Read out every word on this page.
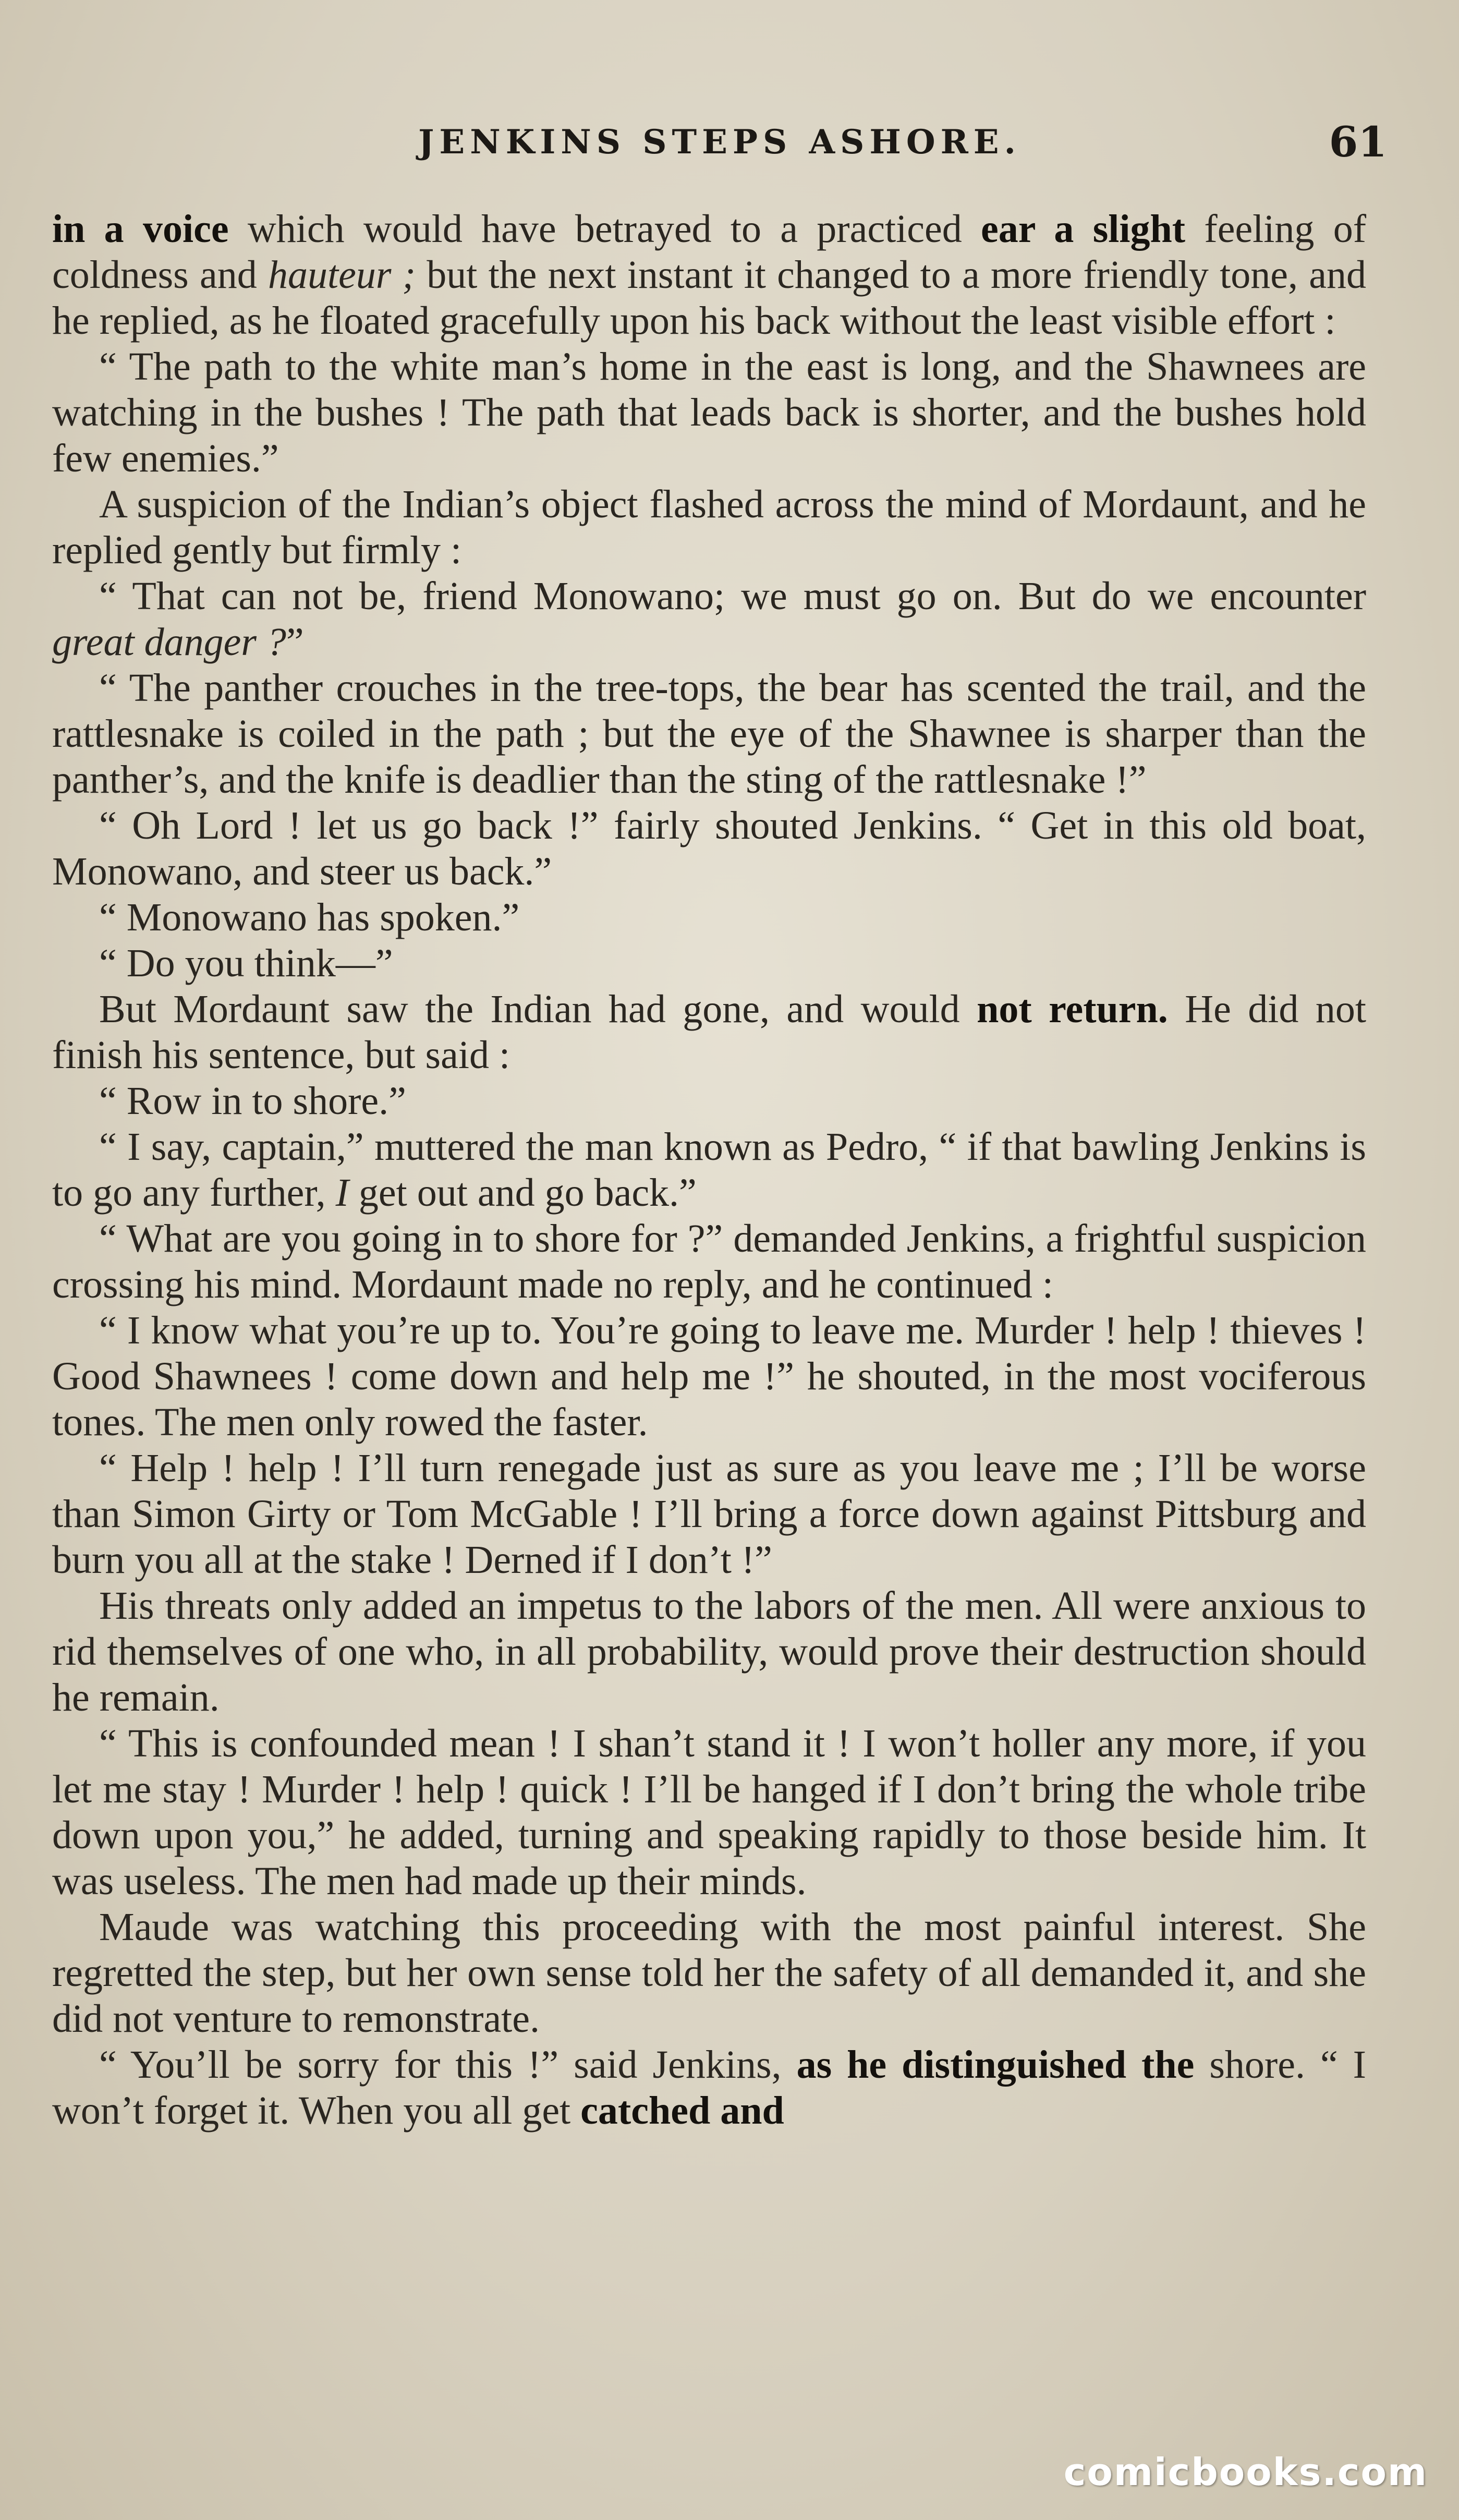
JENKINS STEPS ASHORE.	61

in a voice which would have betrayed to a practiced ear a slight feeling of coldness and hauteur ; but the next instant it changed to a more friendly tone, and he replied, as he floated gracefully upon his back without the least visible effort :

“ The path to the white man’s home in the east is long, and the Shawnees are watching in the bushes ! The path that leads back is shorter, and the bushes hold few enemies.”

A suspicion of the Indian’s object flashed across the mind of Mordaunt, and he replied gently but firmly :

“ That can not be, friend Monowano; we must go on. But do we encounter great danger ?”

“ The panther crouches in the tree-tops, the bear has scented the trail, and the rattlesnake is coiled in the path ; but the eye of the Shawnee is sharper than the panther’s, and the knife is deadlier than the sting of the rattlesnake !”

“ Oh Lord ! let us go back !” fairly shouted Jenkins. “ Get in this old boat, Monowano, and steer us back.”

“ Monowano has spoken.”

“ Do you think—”

But Mordaunt saw the Indian had gone, and would not return. He did not finish his sentence, but said :

“ Row in to shore.”

“ I say, captain,” muttered the man known as Pedro, “ if that bawling Jenkins is to go any further, I get out and go back.”

“ What are you going in to shore for ?” demanded Jenkins, a frightful suspicion crossing his mind. Mordaunt made no reply, and he continued :

“ I know what you’re up to. You’re going to leave me. Murder ! help ! thieves ! Good Shawnees ! come down and help me !” he shouted, in the most vociferous tones. The men only rowed the faster.

“ Help ! help ! I’ll turn renegade just as sure as you leave me ; I’ll be worse than Simon Girty or Tom McGable ! I’ll bring a force down against Pittsburg and burn you all at the stake ! Derned if I don’t !”

His threats only added an impetus to the labors of the men. All were anxious to rid themselves of one who, in all probability, would prove their destruction should he remain.

“ This is confounded mean ! I shan’t stand it ! I won’t holler any more, if you let me stay ! Murder ! help ! quick ! I’ll be hanged if I don’t bring the whole tribe down upon you,” he added, turning and speaking rapidly to those beside him. It was useless. The men had made up their minds.

Maude was watching this proceeding with the most painful interest. She regretted the step, but her own sense told her the safety of all demanded it, and she did not venture to remonstrate.

“ You’ll be sorry for this !” said Jenkins, as he distinguished the shore. “ I won’t forget it. When you all get catched and

comicbooks.com
